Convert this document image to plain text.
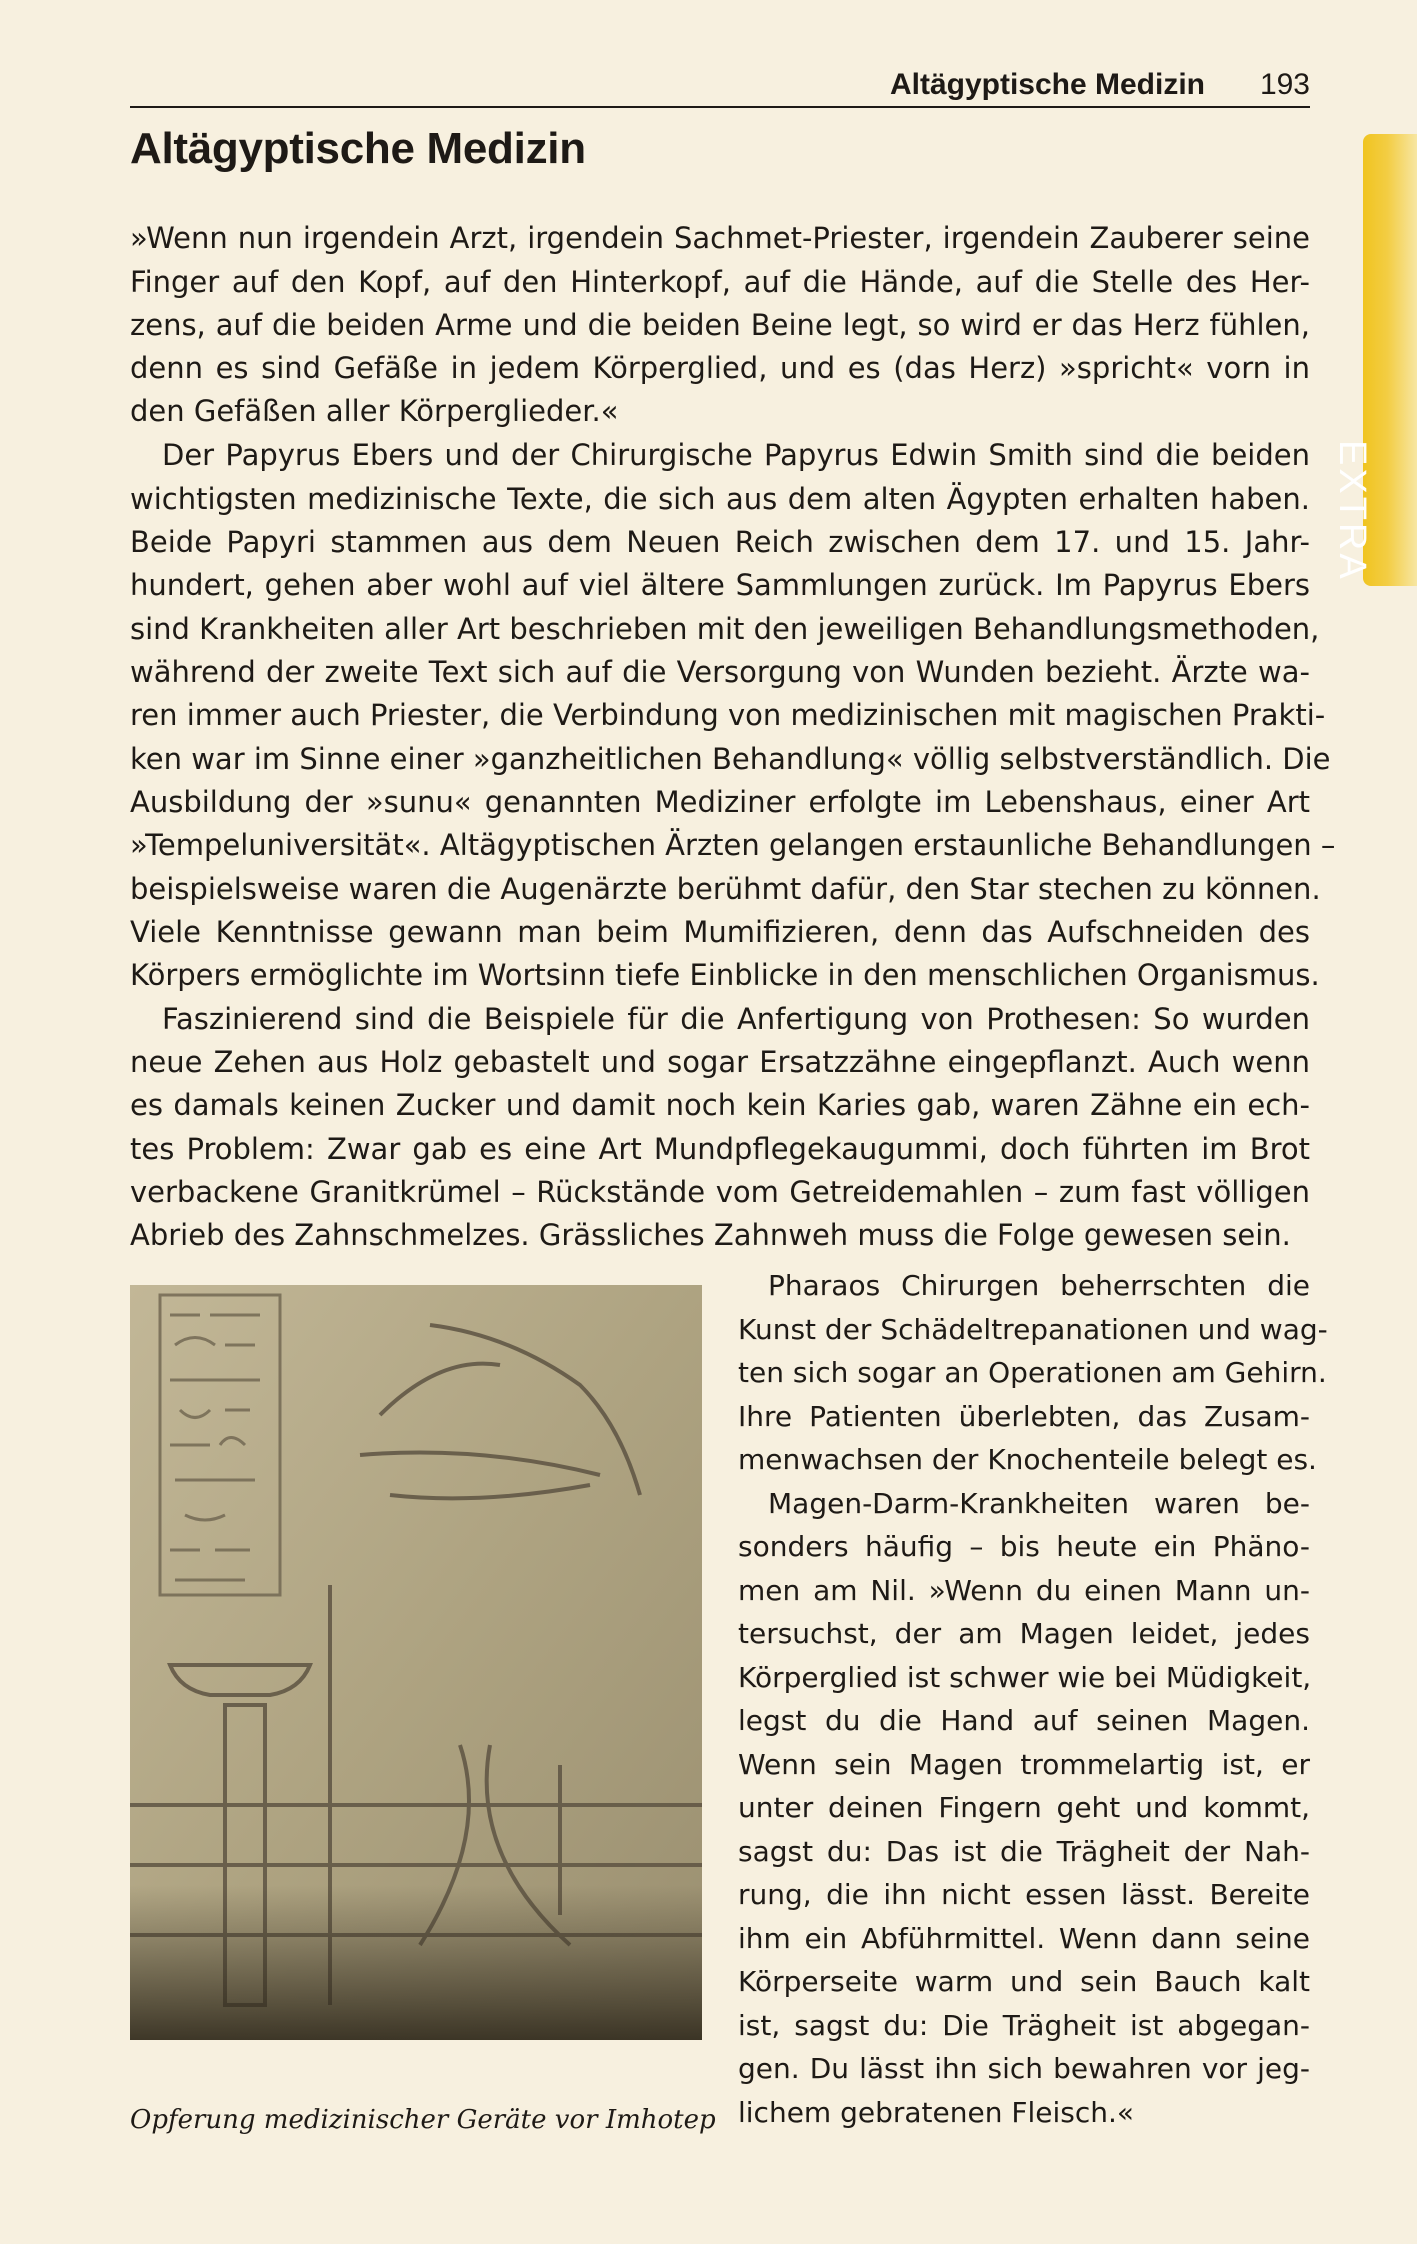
Altägyptische Medizin 193
EXTRA
Altägyptische Medizin
»Wenn nun irgendein Arzt, irgendein Sachmet-Priester, irgendein Zauberer seine
Finger auf den Kopf, auf den Hinterkopf, auf die Hände, auf die Stelle des Her-
zens, auf die beiden Arme und die beiden Beine legt, so wird er das Herz fühlen,
denn es sind Gefäße in jedem Körperglied, und es (das Herz) »spricht« vorn in
den Gefäßen aller Körperglieder.«
Der Papyrus Ebers und der Chirurgische Papyrus Edwin Smith sind die beiden
wichtigsten medizinische Texte, die sich aus dem alten Ägypten erhalten haben.
Beide Papyri stammen aus dem Neuen Reich zwischen dem 17. und 15. Jahr-
hundert, gehen aber wohl auf viel ältere Sammlungen zurück. Im Papyrus Ebers
sind Krankheiten aller Art beschrieben mit den jeweiligen Behandlungsmethoden,
während der zweite Text sich auf die Versorgung von Wunden bezieht. Ärzte wa-
ren immer auch Priester, die Verbindung von medizinischen mit magischen Prakti-
ken war im Sinne einer »ganzheitlichen Behandlung« völlig selbstverständlich. Die
Ausbildung der »sunu« genannten Mediziner erfolgte im Lebenshaus, einer Art
»Tempeluniversität«. Altägyptischen Ärzten gelangen erstaunliche Behandlungen –
beispielsweise waren die Augenärzte berühmt dafür, den Star stechen zu können.
Viele Kenntnisse gewann man beim Mumifizieren, denn das Aufschneiden des
Körpers ermöglichte im Wortsinn tiefe Einblicke in den menschlichen Organismus.
Faszinierend sind die Beispiele für die Anfertigung von Prothesen: So wurden
neue Zehen aus Holz gebastelt und sogar Ersatzzähne eingepflanzt. Auch wenn
es damals keinen Zucker und damit noch kein Karies gab, waren Zähne ein ech-
tes Problem: Zwar gab es eine Art Mundpflegekaugummi, doch führten im Brot
verbackene Granitkrümel – Rückstände vom Getreidemahlen – zum fast völligen
Abrieb des Zahnschmelzes. Grässliches Zahnweh muss die Folge gewesen sein.
Pharaos Chirurgen beherrschten die
Kunst der Schädeltrepanationen und wag-
ten sich sogar an Operationen am Gehirn.
Ihre Patienten überlebten, das Zusam-
menwachsen der Knochenteile belegt es.
Magen-Darm-Krankheiten waren be-
sonders häufig – bis heute ein Phäno-
men am Nil. »Wenn du einen Mann un-
tersuchst, der am Magen leidet, jedes
Körperglied ist schwer wie bei Müdigkeit,
legst du die Hand auf seinen Magen.
Wenn sein Magen trommelartig ist, er
unter deinen Fingern geht und kommt,
sagst du: Das ist die Trägheit der Nah-
rung, die ihn nicht essen lässt. Bereite
ihm ein Abführmittel. Wenn dann seine
Körperseite warm und sein Bauch kalt
ist, sagst du: Die Trägheit ist abgegan-
gen. Du lässt ihn sich bewahren vor jeg-
lichem gebratenen Fleisch.«
Opferung medizinischer Geräte vor Imhotep
